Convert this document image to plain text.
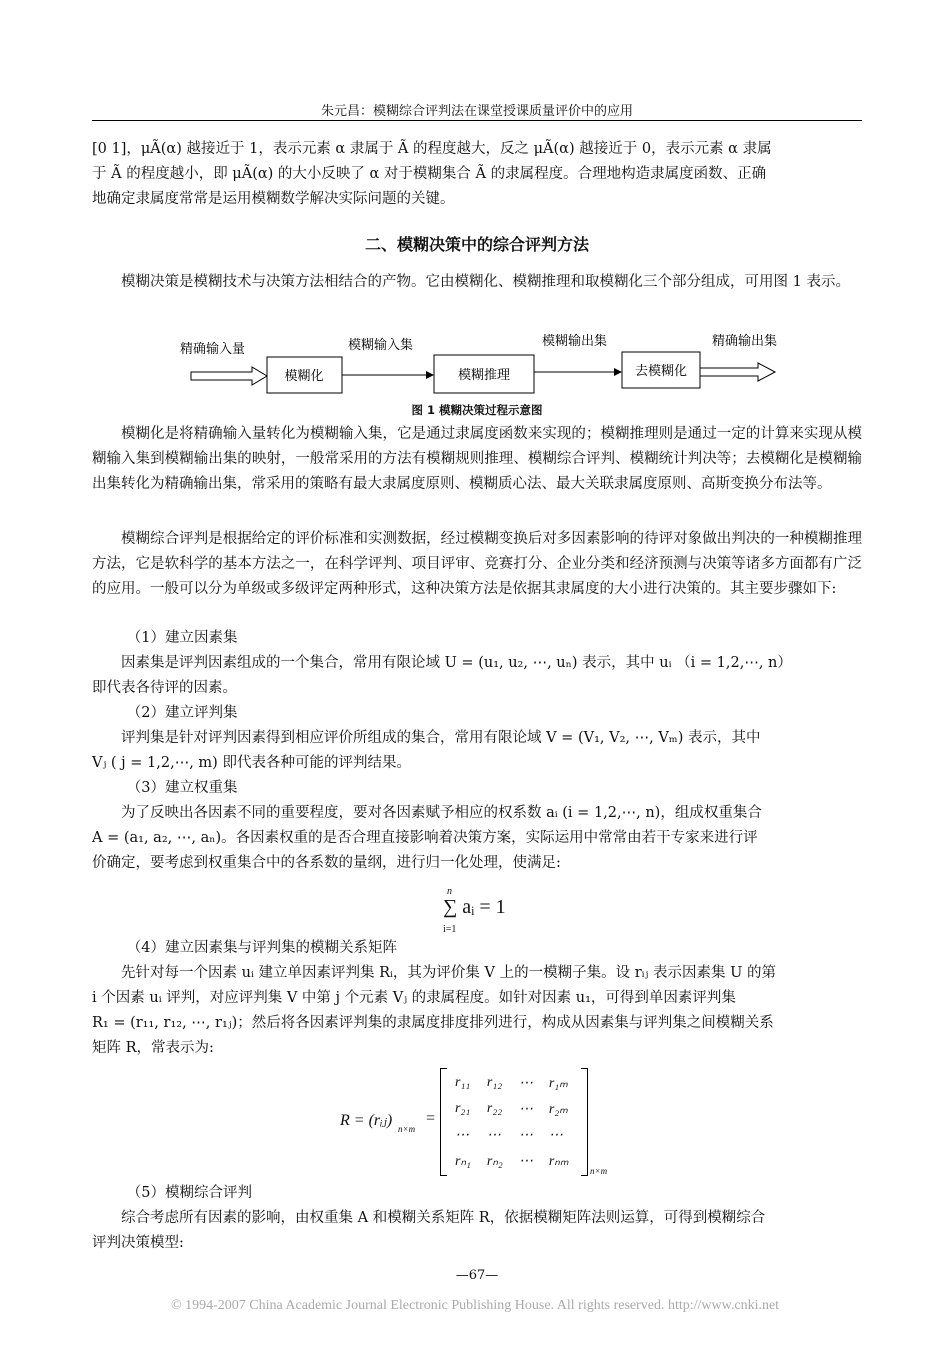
朱元昌：模糊综合评判法在课堂授课质量评价中的应用

[0 1]，μÃ(α) 越接近于 1，表示元素 α 隶属于 Ã 的程度越大，反之 μÃ(α) 越接近于 0，表示元素 α 隶属

于 Ã 的程度越小，即 μÃ(α) 的大小反映了 α 对于模糊集合 Ã 的隶属程度。合理地构造隶属度函数、正确

地确定隶属度常常是运用模糊数学解决实际问题的关键。

二、模糊决策中的综合评判方法

模糊决策是模糊技术与决策方法相结合的产物。它由模糊化、模糊推理和取模糊化三个部分组成，可用图 1 表示。

精确输入量	模糊输入集	模糊输出集	精确输出集
模糊化	模糊推理	去模糊化
图 1 模糊决策过程示意图

模糊化是将精确输入量转化为模糊输入集，它是通过隶属度函数来实现的；模糊推理则是通过一定的计算来实现从模糊输入集到模糊输出集的映射，一般常采用的方法有模糊规则推理、模糊综合评判、模糊统计判决等；去模糊化是模糊输出集转化为精确输出集，常采用的策略有最大隶属度原则、模糊质心法、最大关联隶属度原则、高斯变换分布法等。

模糊综合评判是根据给定的评价标准和实测数据，经过模糊变换后对多因素影响的待评对象做出判决的一种模糊推理方法，它是软科学的基本方法之一，在科学评判、项目评审、竞赛打分、企业分类和经济预测与决策等诸多方面都有广泛的应用。一般可以分为单级或多级评定两种形式，这种决策方法是依据其隶属度的大小进行决策的。其主要步骤如下:

（1）建立因素集

因素集是评判因素组成的一个集合，常用有限论域 U = (u₁, u₂, ⋯, uₙ) 表示，其中 uᵢ （i = 1,2,⋯, n）

即代表各待评的因素。

（2）建立评判集

评判集是针对评判因素得到相应评价所组成的集合，常用有限论域 V = (V₁, V₂, ⋯, Vₘ) 表示，其中

Vⱼ ( j = 1,2,⋯, m) 即代表各种可能的评判结果。

（3）建立权重集

为了反映出各因素不同的重要程度，要对各因素赋予相应的权系数 aᵢ (i = 1,2,⋯, n)，组成权重集合

A = (a₁, a₂, ⋯, aₙ)。各因素权重的是否合理直接影响着决策方案，实际运用中常常由若干专家来进行评

价确定，要考虑到权重集合中的各系数的量纲，进行归一化处理，使满足:

n
∑ aᵢ = 1
i=1

（4）建立因素集与评判集的模糊关系矩阵

先针对每一个因素 uᵢ 建立单因素评判集 Rᵢ，其为评价集 V 上的一模糊子集。设 rᵢⱼ 表示因素集 U 的第

i 个因素 uᵢ 评判，对应评判集 V 中第 j 个元素 Vⱼ 的隶属程度。如针对因素 u₁，可得到单因素评判集

R₁ = (r₁₁, r₁₂, ⋯, r₁ⱼ)；然后将各因素评判集的隶属度排度排列进行，构成从因素集与评判集之间模糊关系

矩阵 R，常表示为:

R = (rᵢⱼ) n×m
=
r₁₁	r₁₂	⋯	r₁ₘ
r₂₁	r₂₂	⋯	r₂ₘ
⋯	⋯	⋯	⋯
rₙ₁	rₙ₂	⋯	rₙₘ
n×m

（5）模糊综合评判

综合考虑所有因素的影响，由权重集 A 和模糊关系矩阵 R，依据模糊矩阵法则运算，可得到模糊综合

评判决策模型:

—67—
© 1994-2007 China Academic Journal Electronic Publishing House. All rights reserved. http://www.cnki.net
